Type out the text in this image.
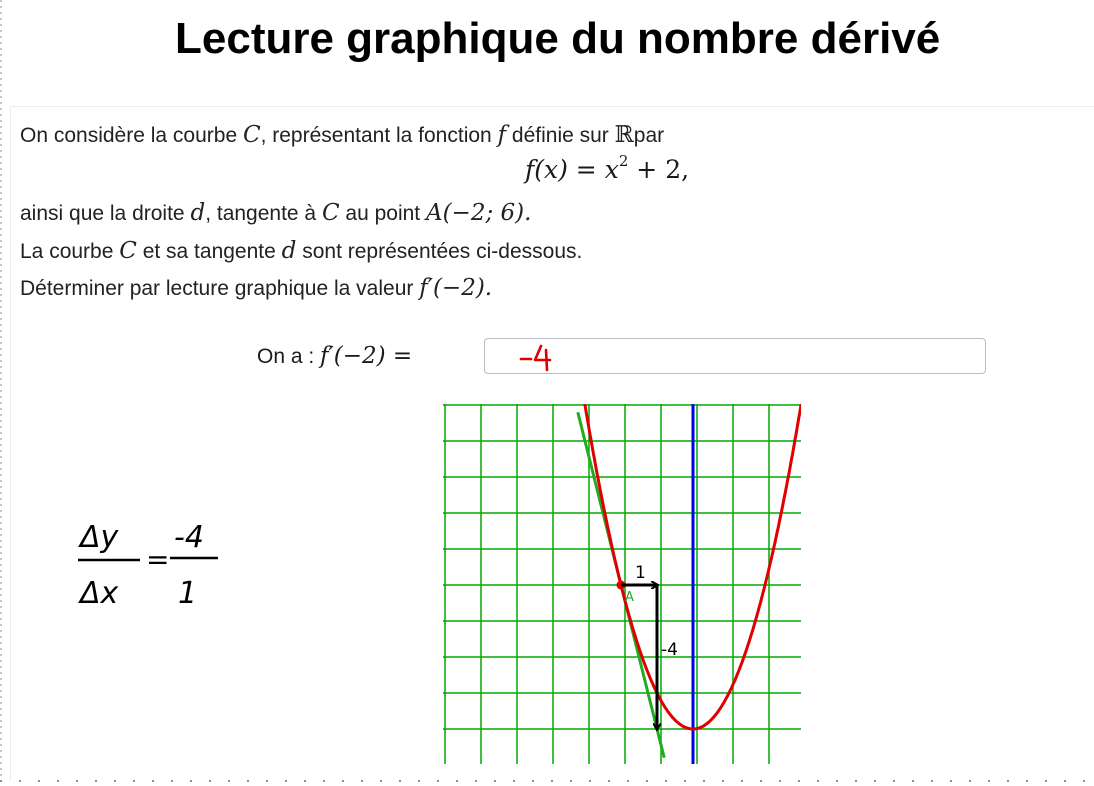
Lecture graphique du nombre dérivé
On considère la courbe C, représentant la fonction f définie sur ℝpar
$f(x) = x^2 + 2$,
ainsi que la droite d, tangente à C au point A(−2; 6).
La courbe C et sa tangente d sont représentées ci-dessous.
Déterminer par lecture graphique la valeur f′(−2).
On a : f′(−2) =
A
1
-4
Δy
Δx
=
-4
1
